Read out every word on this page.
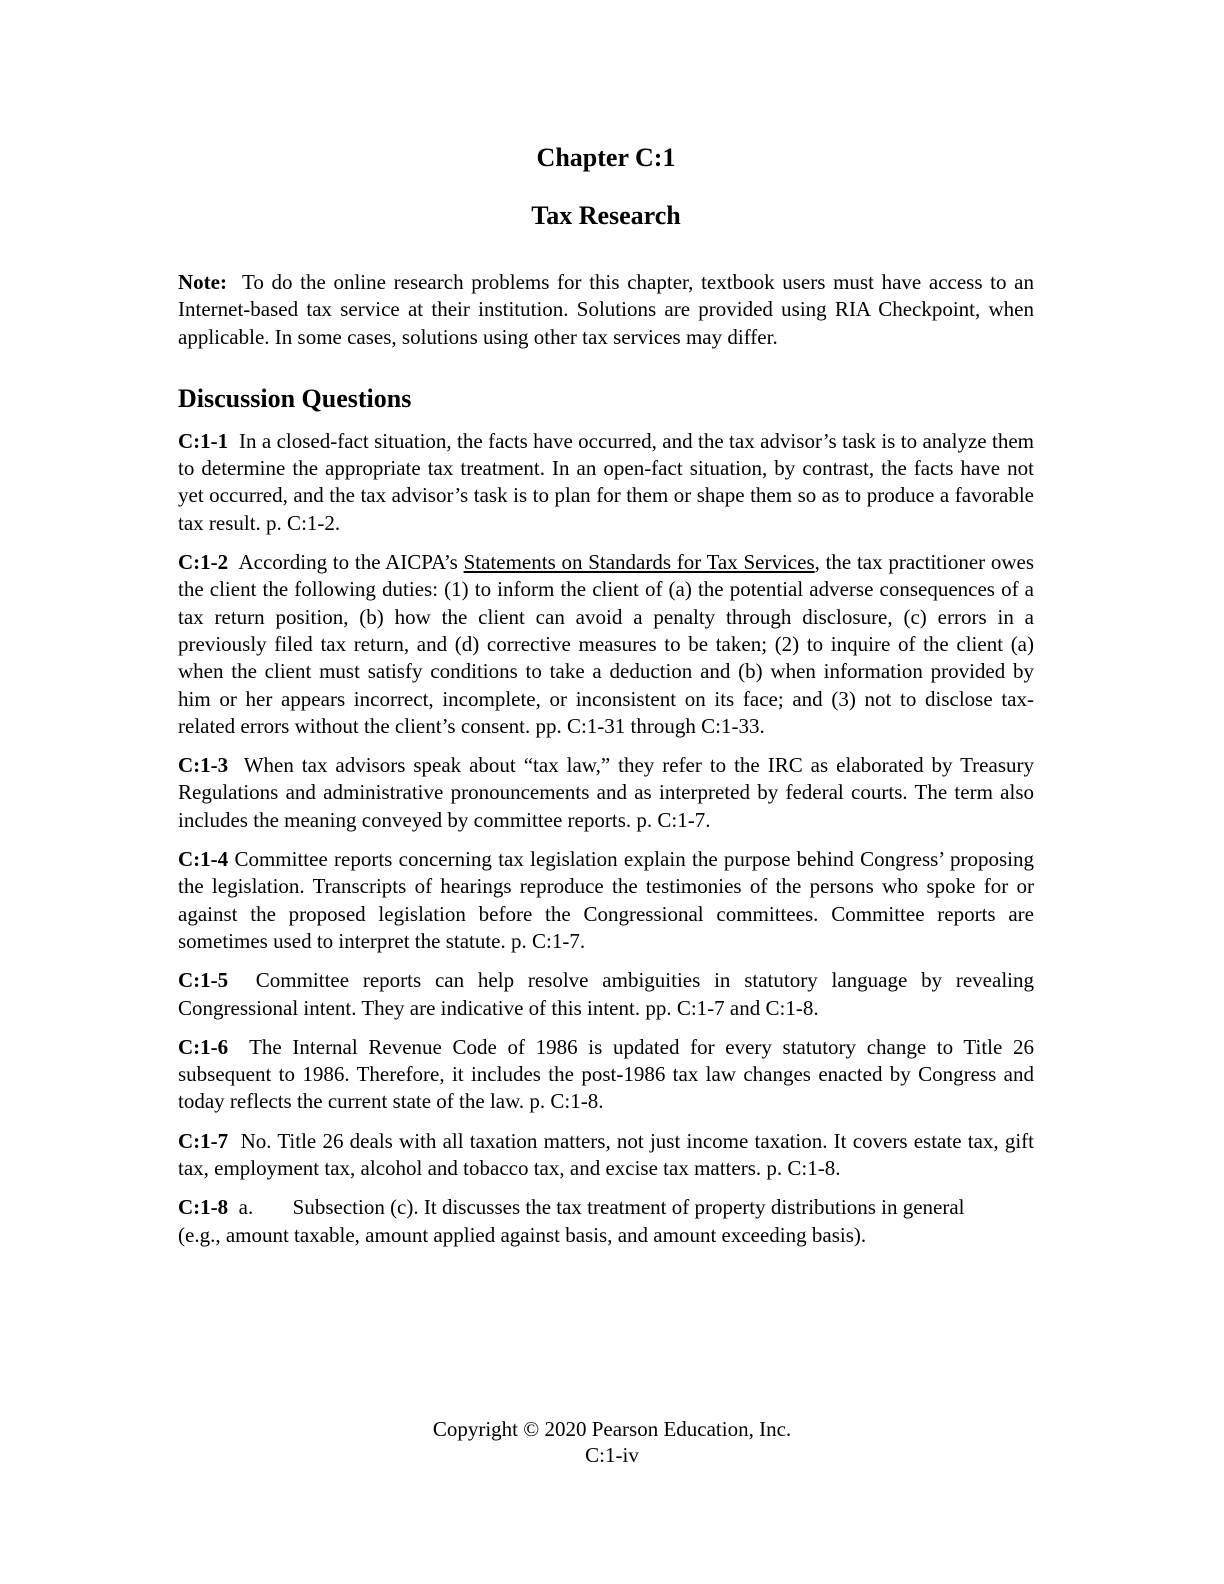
Chapter C:1
Tax Research

Note: To do the online research problems for this chapter, textbook users must have access to an Internet-based tax service at their institution. Solutions are provided using RIA Checkpoint, when applicable. In some cases, solutions using other tax services may differ.

Discussion Questions

C:1-1 In a closed-fact situation, the facts have occurred, and the tax advisor’s task is to analyze them to determine the appropriate tax treatment. In an open-fact situation, by contrast, the facts have not yet occurred, and the tax advisor’s task is to plan for them or shape them so as to produce a favorable tax result. p. C:1-2.

C:1-2 According to the AICPA’s Statements on Standards for Tax Services, the tax practitioner owes the client the following duties: (1) to inform the client of (a) the potential adverse consequences of a tax return position, (b) how the client can avoid a penalty through disclosure, (c) errors in a previously filed tax return, and (d) corrective measures to be taken; (2) to inquire of the client (a) when the client must satisfy conditions to take a deduction and (b) when information provided by him or her appears incorrect, incomplete, or inconsistent on its face; and (3) not to disclose tax-related errors without the client’s consent. pp. C:1-31 through C:1-33.

C:1-3 When tax advisors speak about “tax law,” they refer to the IRC as elaborated by Treasury Regulations and administrative pronouncements and as interpreted by federal courts. The term also includes the meaning conveyed by committee reports. p. C:1-7.

C:1-4 Committee reports concerning tax legislation explain the purpose behind Congress’ proposing the legislation. Transcripts of hearings reproduce the testimonies of the persons who spoke for or against the proposed legislation before the Congressional committees. Committee reports are sometimes used to interpret the statute. p. C:1-7.

C:1-5 Committee reports can help resolve ambiguities in statutory language by revealing Congressional intent. They are indicative of this intent. pp. C:1-7 and C:1-8.

C:1-6 The Internal Revenue Code of 1986 is updated for every statutory change to Title 26 subsequent to 1986. Therefore, it includes the post-1986 tax law changes enacted by Congress and today reflects the current state of the law. p. C:1-8.

C:1-7 No. Title 26 deals with all taxation matters, not just income taxation. It covers estate tax, gift tax, employment tax, alcohol and tobacco tax, and excise tax matters. p. C:1-8.

C:1-8 a. Subsection (c). It discusses the tax treatment of property distributions in general

(e.g., amount taxable, amount applied against basis, and amount exceeding basis).

Copyright © 2020 Pearson Education, Inc.
C:1-iv
